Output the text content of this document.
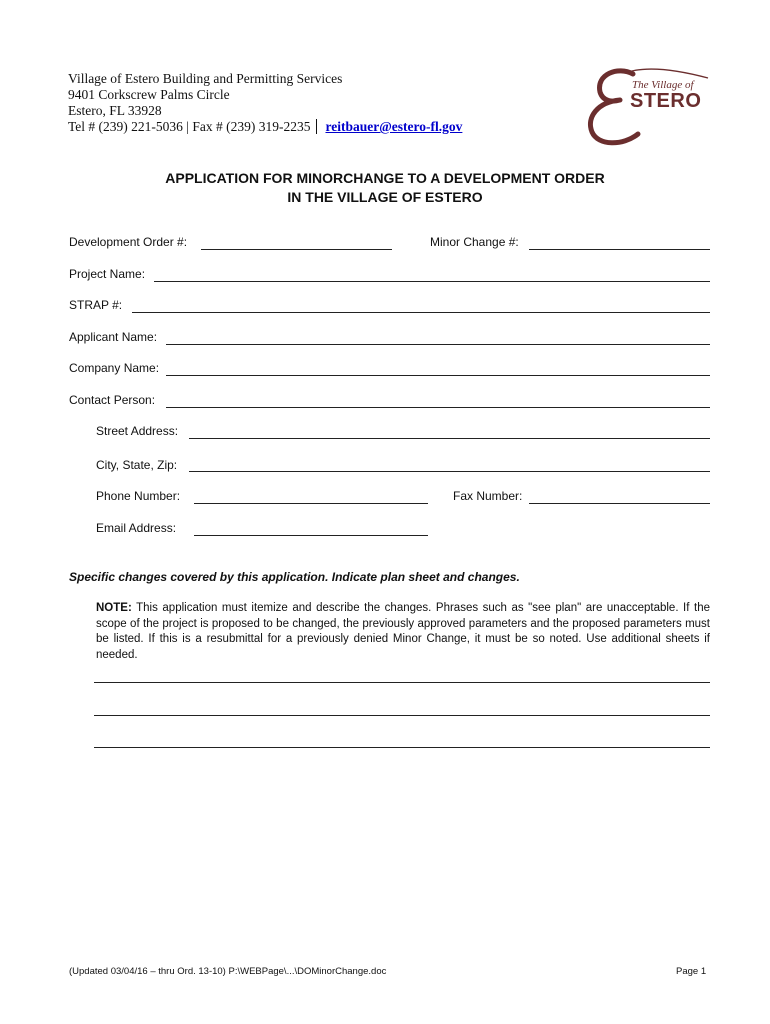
Village of Estero Building and Permitting Services
9401 Corkscrew Palms Circle
Estero, FL 33928
Tel # (239) 221-5036 | Fax # (239) 319-2235 reitbauer@estero-fl.gov
The Village of
STERO
APPLICATION FOR MINORCHANGE TO A DEVELOPMENT ORDER
IN THE VILLAGE OF ESTERO
Development Order #:	Minor Change #:
Project Name:
STRAP #:
Applicant Name:
Company Name:
Contact Person:
Street Address:
City, State, Zip:
Phone Number:	Fax Number:
Email Address:
Specific changes covered by this application. Indicate plan sheet and changes.
NOTE: This application must itemize and describe the changes. Phrases such as "see plan" are unacceptable. If the scope of the project is proposed to be changed, the previously approved parameters and the proposed parameters must be listed. If this is a resubmittal for a previously denied Minor Change, it must be so noted. Use additional sheets if needed.
(Updated 03/04/16 – thru Ord. 13-10) P:\WEBPage\...\DOMinorChange.doc	Page 1
